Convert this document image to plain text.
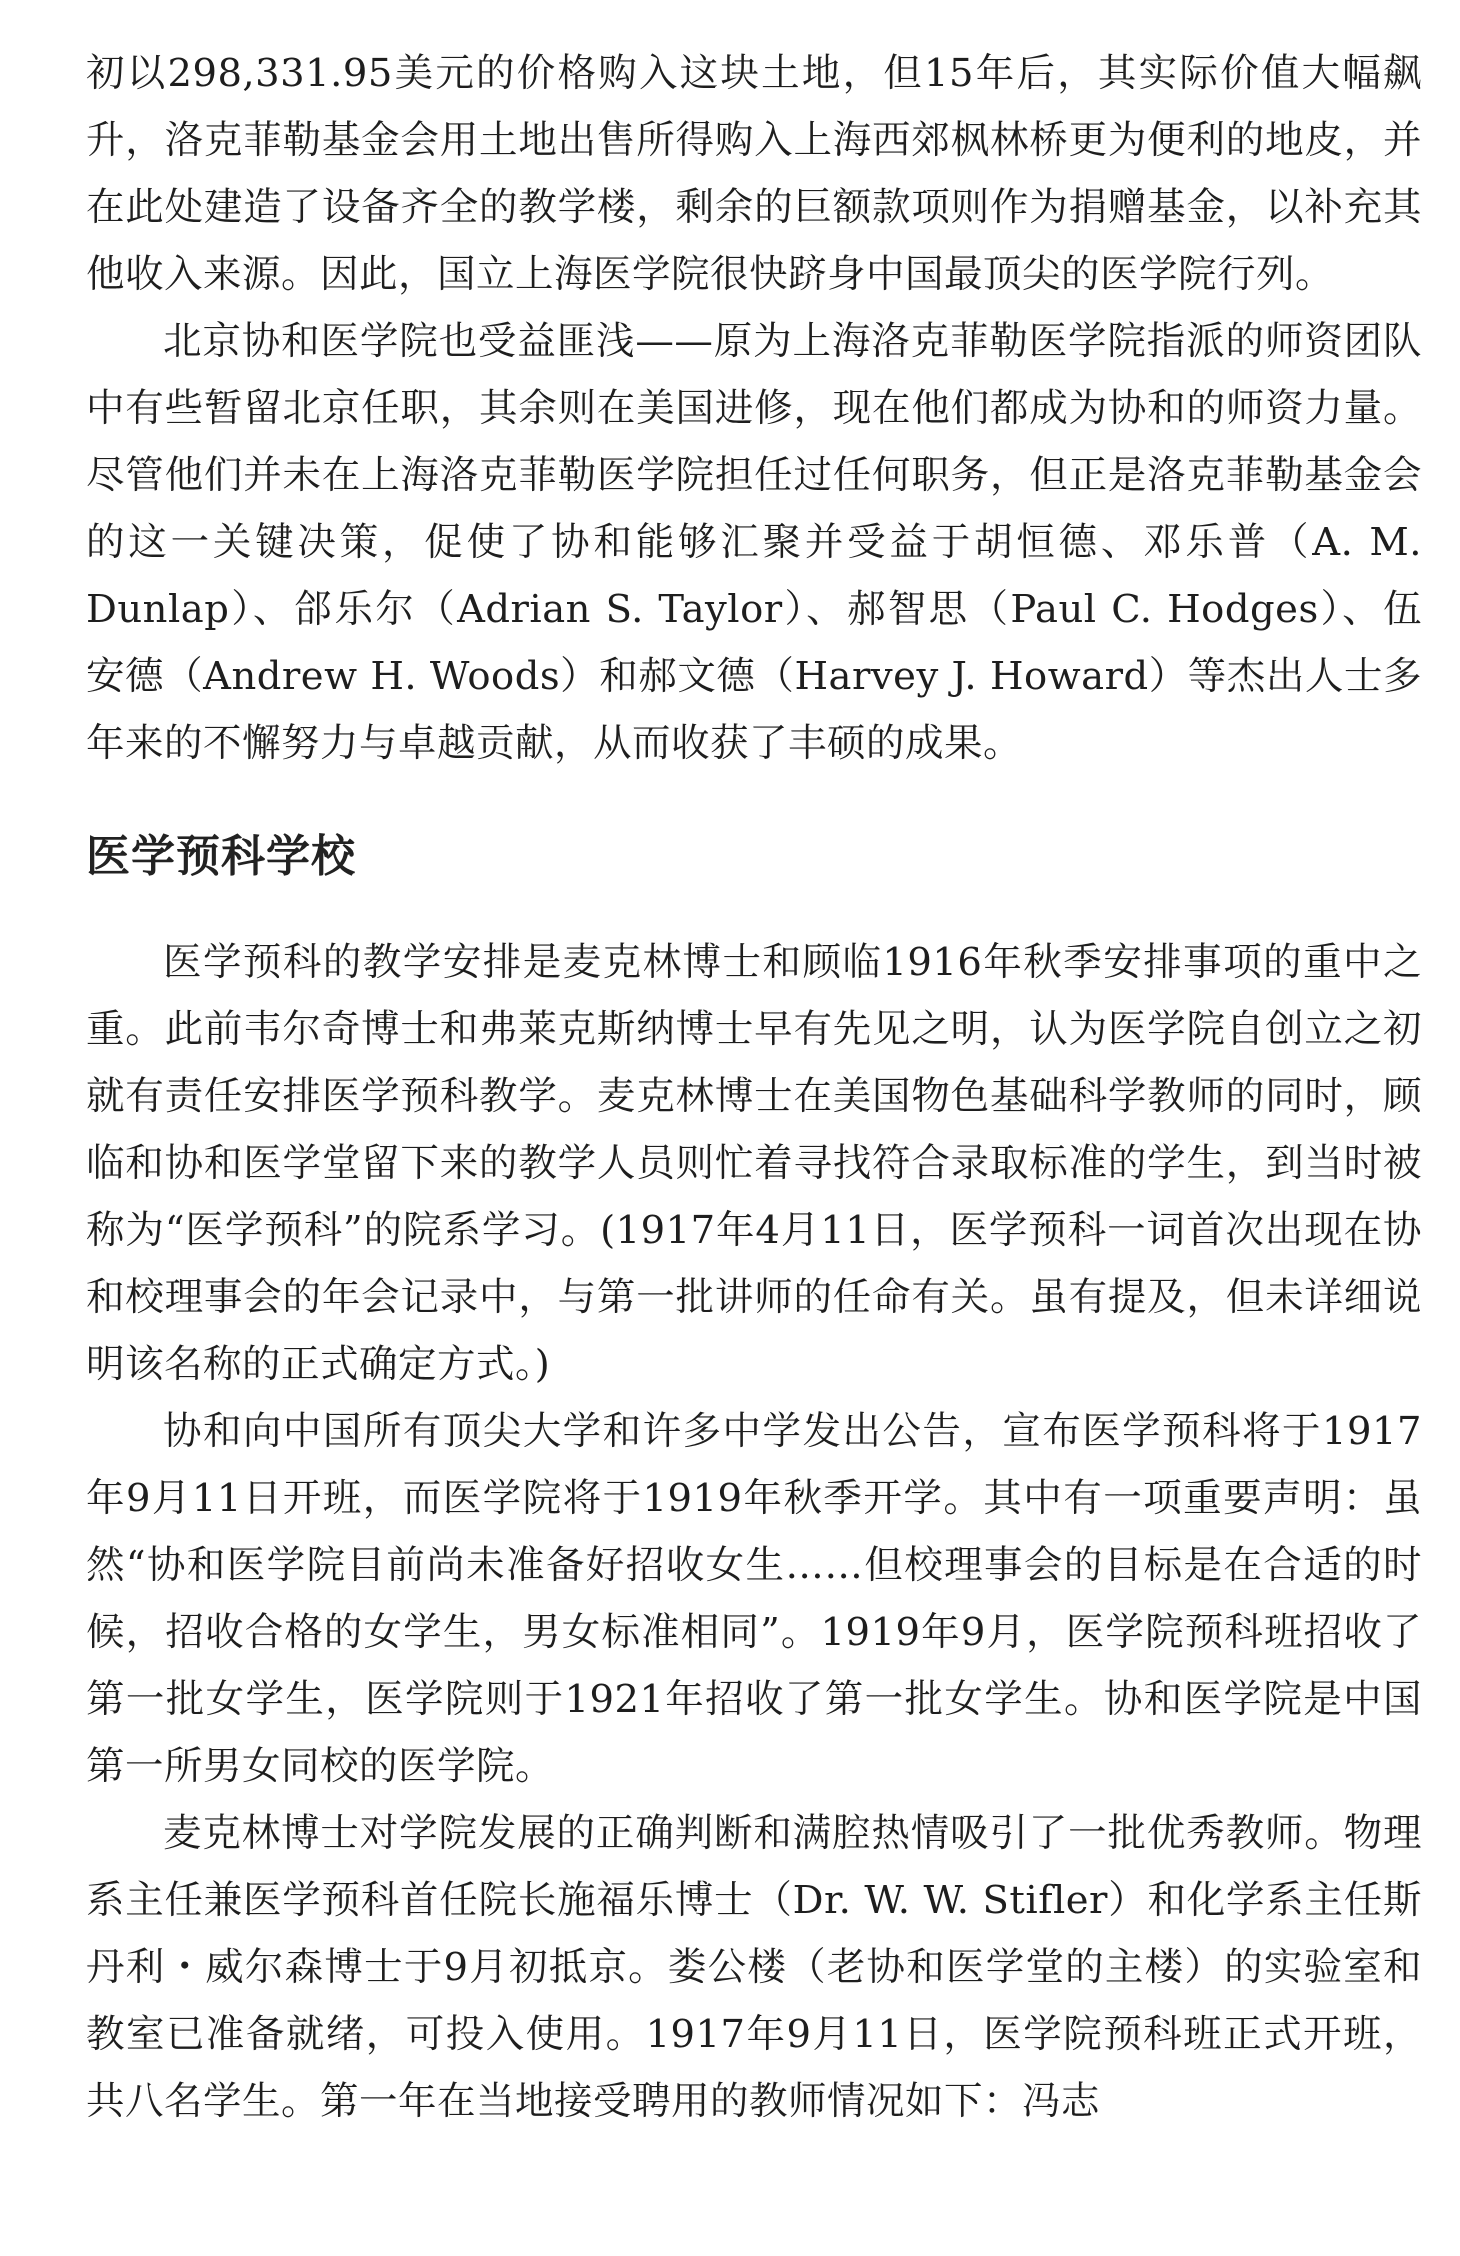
初以298,331.95美元的价格购入这块土地，但15年后，其实际价值大幅飙升，洛克菲勒基金会用土地出售所得购入上海西郊枫林桥更为便利的地皮，并在此处建造了设备齐全的教学楼，剩余的巨额款项则作为捐赠基金，以补充其他收入来源。因此，国立上海医学院很快跻身中国最顶尖的医学院行列。

北京协和医学院也受益匪浅——原为上海洛克菲勒医学院指派的师资团队中有些暂留北京任职，其余则在美国进修，现在他们都成为协和的师资力量。尽管他们并未在上海洛克菲勒医学院担任过任何职务，但正是洛克菲勒基金会的这一关键决策，促使了协和能够汇聚并受益于胡恒德、邓乐普（A. M. Dunlap）、郃乐尔（Adrian S. Taylor）、郝智思（Paul C. Hodges）、伍安德（Andrew H. Woods）和郝文德（Harvey J. Howard）等杰出人士多年来的不懈努力与卓越贡献，从而收获了丰硕的成果。

医学预科学校

医学预科的教学安排是麦克林博士和顾临1916年秋季安排事项的重中之重。此前韦尔奇博士和弗莱克斯纳博士早有先见之明，认为医学院自创立之初就有责任安排医学预科教学。麦克林博士在美国物色基础科学教师的同时，顾临和协和医学堂留下来的教学人员则忙着寻找符合录取标准的学生，到当时被称为“医学预科”的院系学习。(1917年4月11日，医学预科一词首次出现在协和校理事会的年会记录中，与第一批讲师的任命有关。虽有提及，但未详细说明该名称的正式确定方式。)

协和向中国所有顶尖大学和许多中学发出公告，宣布医学预科将于1917年9月11日开班，而医学院将于1919年秋季开学。其中有一项重要声明：虽然“协和医学院目前尚未准备好招收女生……但校理事会的目标是在合适的时候，招收合格的女学生，男女标准相同”。1919年9月，医学院预科班招收了第一批女学生，医学院则于1921年招收了第一批女学生。协和医学院是中国第一所男女同校的医学院。

麦克林博士对学院发展的正确判断和满腔热情吸引了一批优秀教师。物理系主任兼医学预科首任院长施福乐博士（Dr. W. W. Stifler）和化学系主任斯丹利・威尔森博士于9月初抵京。娄公楼（老协和医学堂的主楼）的实验室和教室已准备就绪，可投入使用。1917年9月11日，医学院预科班正式开班，共八名学生。第一年在当地接受聘用的教师情况如下：冯志
